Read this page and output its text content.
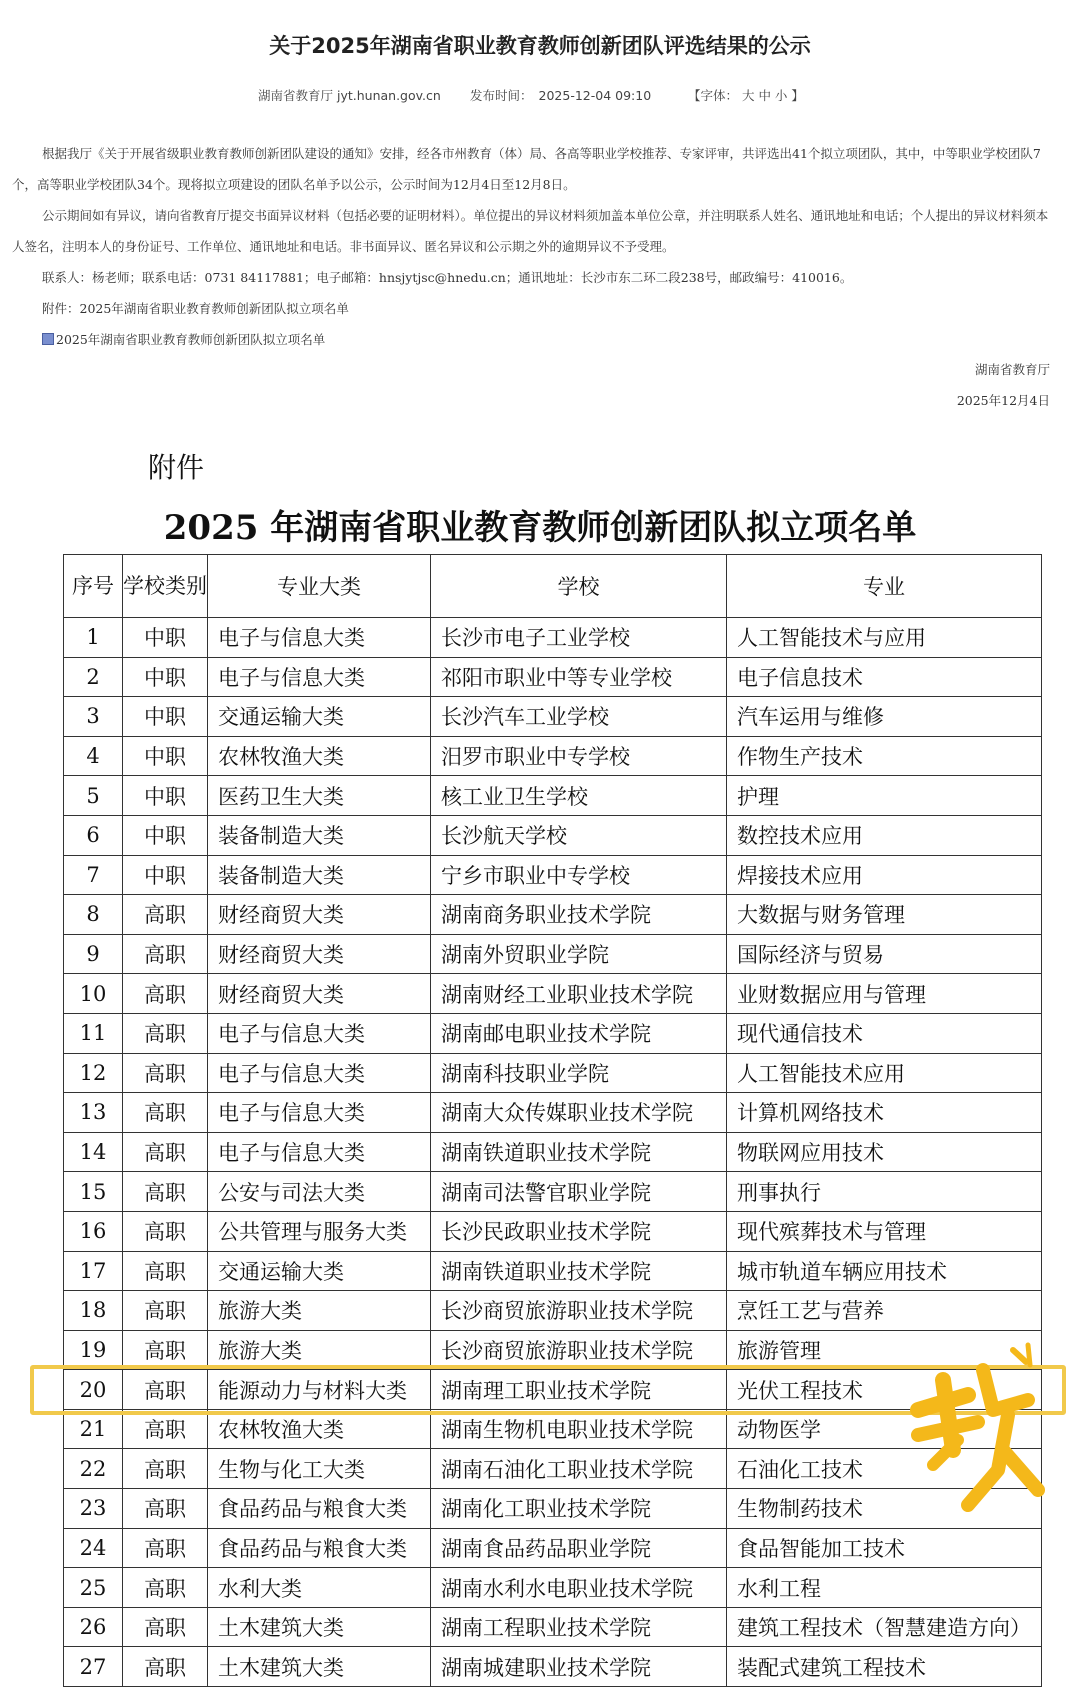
关于2025年湖南省职业教育教师创新团队评选结果的公示
湖南省教育厅 jyt.hunan.gov.cn 发布时间： 2025-12-04 09:10	【字体： 大 中 小 】
根据我厅《关于开展省级职业教育教师创新团队建设的通知》安排，经各市州教育（体）局、各高等职业学校推荐、专家评审，共评选出41个拟立项团队，其中，中等职业学校团队7个，高等职业学校团队34个。现将拟立项建设的团队名单予以公示，公示时间为12月4日至12月8日。
公示期间如有异议，请向省教育厅提交书面异议材料（包括必要的证明材料）。单位提出的异议材料须加盖本单位公章，并注明联系人姓名、通讯地址和电话；个人提出的异议材料须本人签名，注明本人的身份证号、工作单位、通讯地址和电话。非书面异议、匿名异议和公示期之外的逾期异议不予受理。
联系人：杨老师；联系电话：0731 84117881；电子邮箱：hnsjytjsc@hnedu.cn；通讯地址：长沙市东二环二段238号，邮政编号：410016。
附件：2025年湖南省职业教育教师创新团队拟立项名单
2025年湖南省职业教育教师创新团队拟立项名单
湖南省教育厅
2025年12月4日
附件
2025 年湖南省职业教育教师创新团队拟立项名单
序号	学校类别	专业大类	学校	专业
1	中职	电子与信息大类	长沙市电子工业学校	人工智能技术与应用
2	中职	电子与信息大类	祁阳市职业中等专业学校	电子信息技术
3	中职	交通运输大类	长沙汽车工业学校	汽车运用与维修
4	中职	农林牧渔大类	汨罗市职业中专学校	作物生产技术
5	中职	医药卫生大类	核工业卫生学校	护理
6	中职	装备制造大类	长沙航天学校	数控技术应用
7	中职	装备制造大类	宁乡市职业中专学校	焊接技术应用
8	高职	财经商贸大类	湖南商务职业技术学院	大数据与财务管理
9	高职	财经商贸大类	湖南外贸职业学院	国际经济与贸易
10	高职	财经商贸大类	湖南财经工业职业技术学院	业财数据应用与管理
11	高职	电子与信息大类	湖南邮电职业技术学院	现代通信技术
12	高职	电子与信息大类	湖南科技职业学院	人工智能技术应用
13	高职	电子与信息大类	湖南大众传媒职业技术学院	计算机网络技术
14	高职	电子与信息大类	湖南铁道职业技术学院	物联网应用技术
15	高职	公安与司法大类	湖南司法警官职业学院	刑事执行
16	高职	公共管理与服务大类	长沙民政职业技术学院	现代殡葬技术与管理
17	高职	交通运输大类	湖南铁道职业技术学院	城市轨道车辆应用技术
18	高职	旅游大类	长沙商贸旅游职业技术学院	烹饪工艺与营养
19	高职	旅游大类	长沙商贸旅游职业技术学院	旅游管理
20	高职	能源动力与材料大类	湖南理工职业技术学院	光伏工程技术
21	高职	农林牧渔大类	湖南生物机电职业技术学院	动物医学
22	高职	生物与化工大类	湖南石油化工职业技术学院	石油化工技术
23	高职	食品药品与粮食大类	湖南化工职业技术学院	生物制药技术
24	高职	食品药品与粮食大类	湖南食品药品职业学院	食品智能加工技术
25	高职	水利大类	湖南水利水电职业技术学院	水利工程
26	高职	土木建筑大类	湖南工程职业技术学院	建筑工程技术（智慧建造方向）
27	高职	土木建筑大类	湖南城建职业技术学院	装配式建筑工程技术
